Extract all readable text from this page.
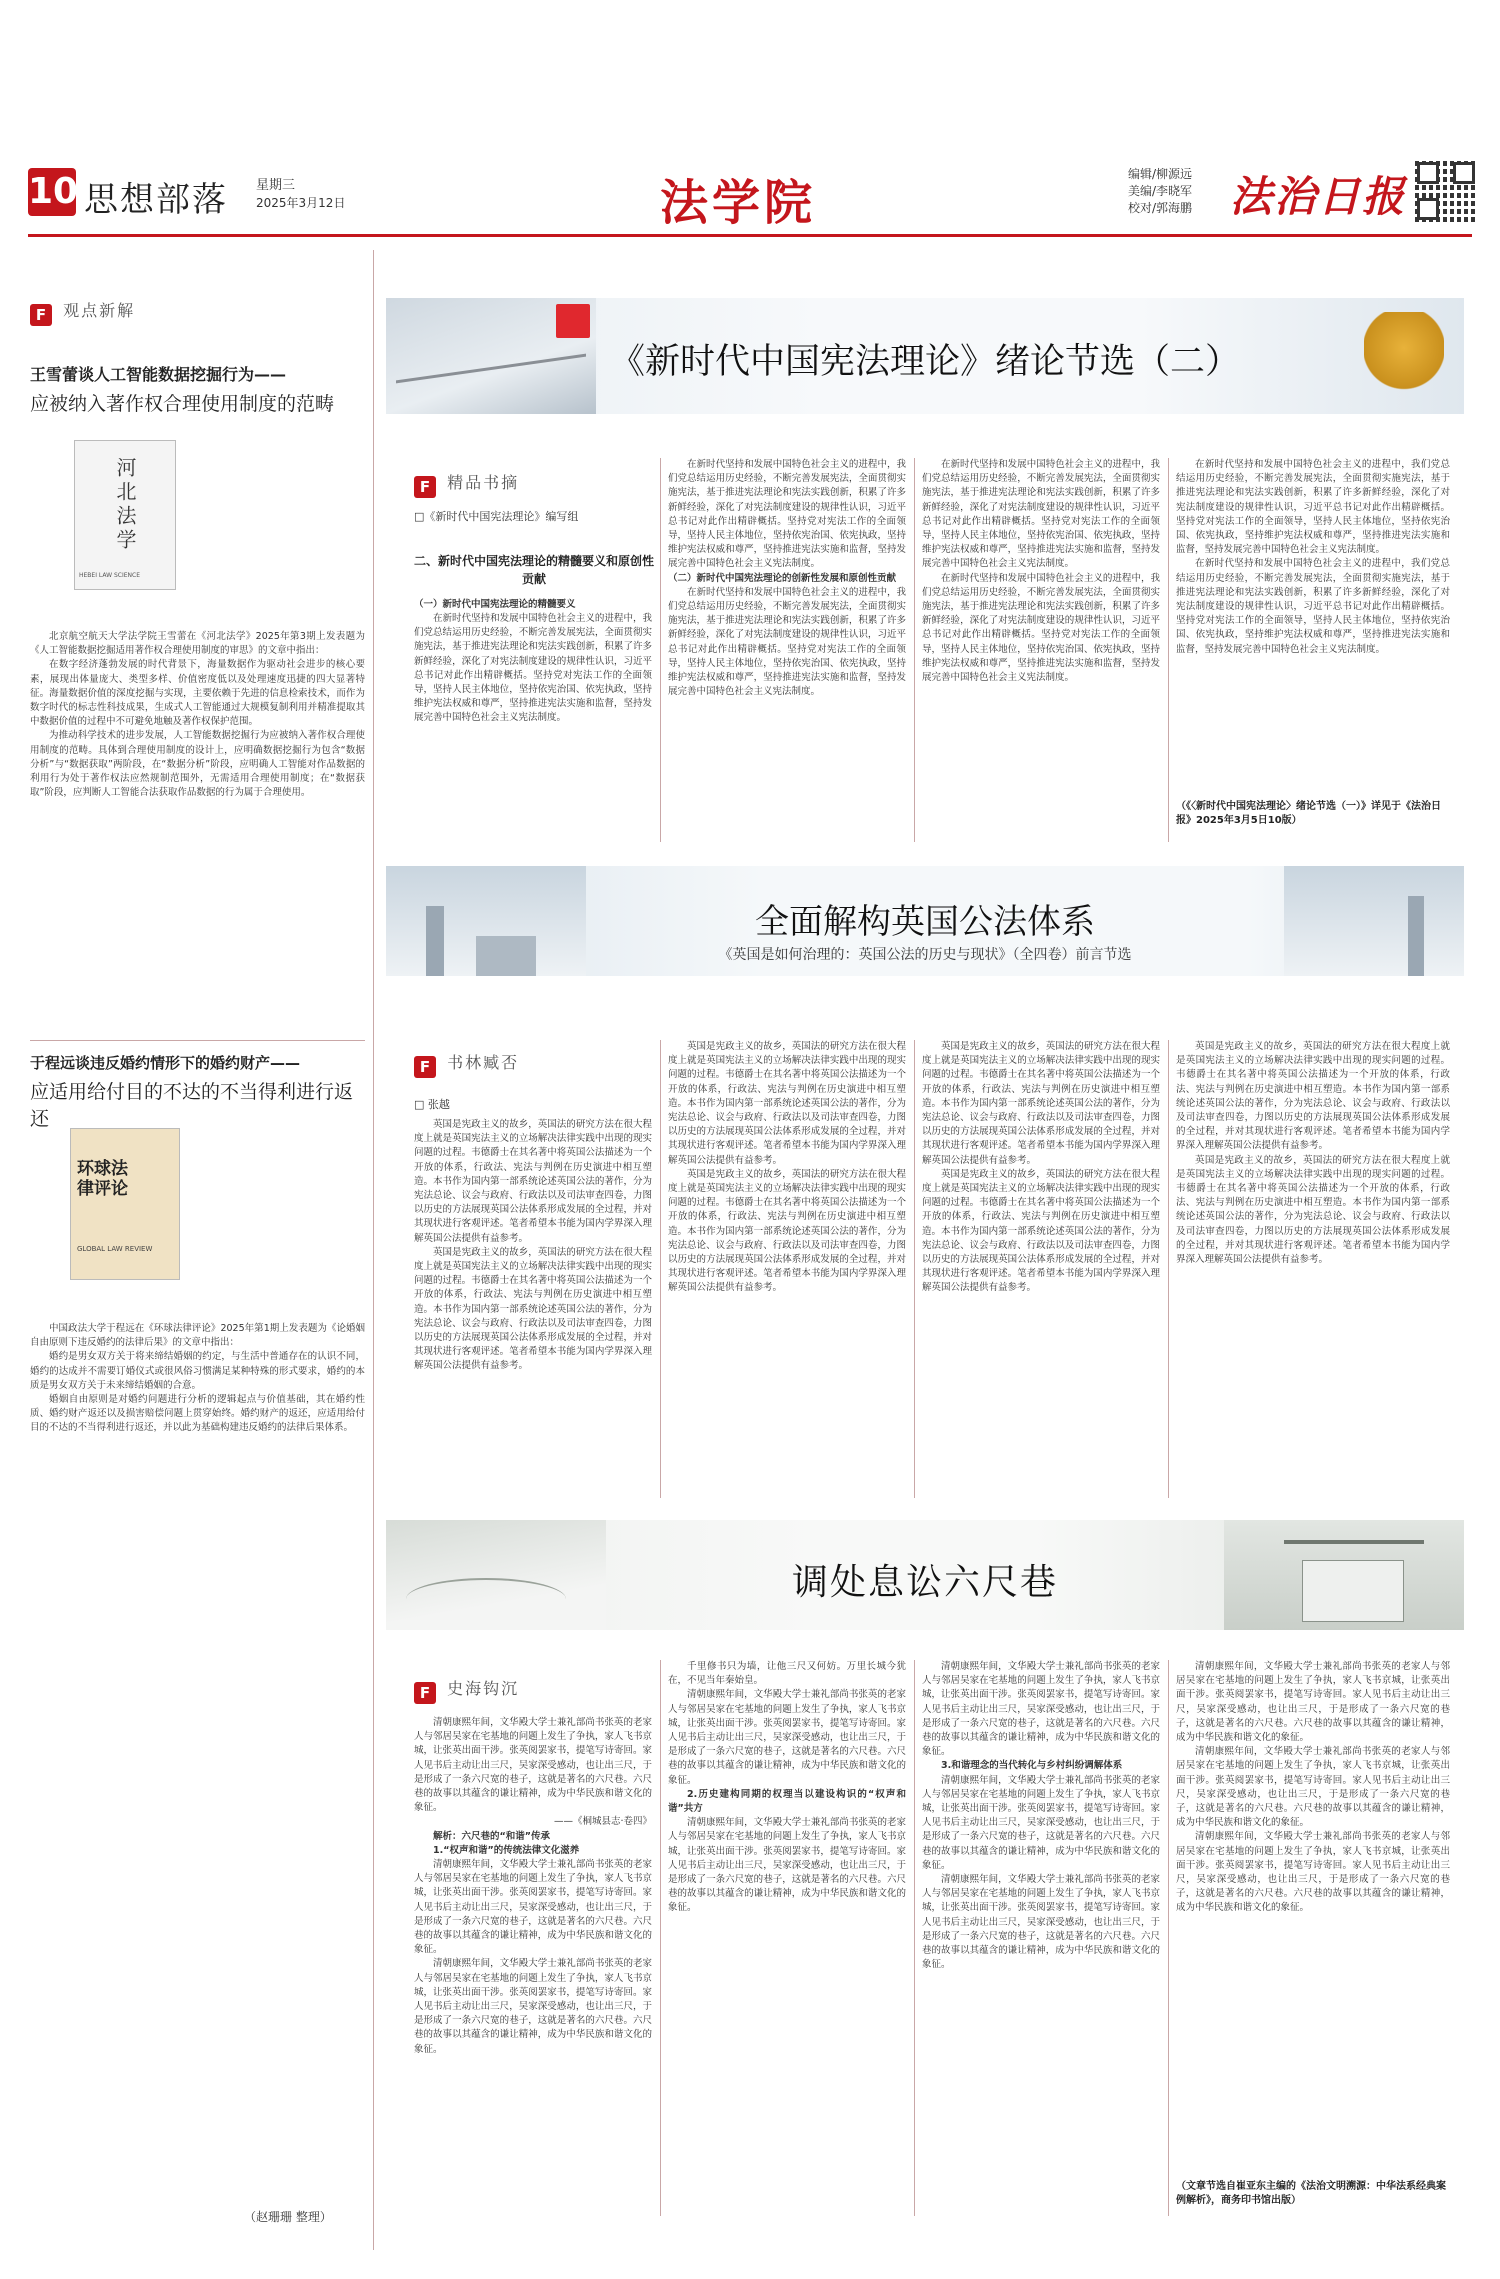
10 思想部落 星期三
2025年3月12日	法学院
编辑/柳源远
美编/李晓军
校对/郭海鹏 法治日报
F 观点新解
王雪蕾谈人工智能数据挖掘行为——
应被纳入著作权合理使用制度的范畴
河北法学
HEBEI LAW SCIENCE

北京航空航天大学法学院王雪蕾在《河北法学》2025年第3期上发表题为《人工智能数据挖掘适用著作权合理使用制度的审思》的文章中指出：

在数字经济蓬勃发展的时代背景下，海量数据作为驱动社会进步的核心要素，展现出体量庞大、类型多样、价值密度低以及处理速度迅捷的四大显著特征。海量数据价值的深度挖掘与实现，主要依赖于先进的信息检索技术，而作为数字时代的标志性科技成果，生成式人工智能通过大规模复制利用并精准提取其中数据价值的过程中不可避免地触及著作权保护范围。

为推动科学技术的进步发展，人工智能数据挖掘行为应被纳入著作权合理使用制度的范畴。具体到合理使用制度的设计上，应明确数据挖掘行为包含“数据分析”与“数据获取”两阶段，在“数据分析”阶段，应明确人工智能对作品数据的利用行为处于著作权法应然规制范围外，无需适用合理使用制度；在“数据获取”阶段，应判断人工智能合法获取作品数据的行为属于合理使用。

于程远谈违反婚约情形下的婚约财产——
应适用给付目的不达的不当得利进行返还
环球法律评论
GLOBAL LAW REVIEW

中国政法大学于程远在《环球法律评论》2025年第1期上发表题为《论婚姻自由原则下违反婚约的法律后果》的文章中指出：

婚约是男女双方关于将来缔结婚姻的约定，与生活中普通存在的认识不同，婚约的达成并不需要订婚仪式或很风俗习惯满足某种特殊的形式要求，婚约的本质是男女双方关于未来缔结婚姻的合意。

婚姻自由原则是对婚约问题进行分析的逻辑起点与价值基础，其在婚约性质、婚约财产返还以及损害赔偿问题上贯穿始终。婚约财产的返还，应适用给付目的不达的不当得利进行返还，并以此为基础构建违反婚约的法律后果体系。

（赵珊珊 整理）
《新时代中国宪法理论》绪论节选（二）
F 精品书摘
□《新时代中国宪法理论》编写组
二、新时代中国宪法理论的精髓要义和原创性贡献
（一）新时代中国宪法理论的精髓要义

在新时代坚持和发展中国特色社会主义的进程中，我们党总结运用历史经验，不断完善发展宪法，全面贯彻实施宪法，基于推进宪法理论和宪法实践创新，积累了许多新鲜经验，深化了对宪法制度建设的规律性认识，习近平总书记对此作出精辟概括。坚持党对宪法工作的全面领导，坚持人民主体地位，坚持依宪治国、依宪执政，坚持维护宪法权威和尊严，坚持推进宪法实施和监督，坚持发展完善中国特色社会主义宪法制度。

在新时代坚持和发展中国特色社会主义的进程中，我们党总结运用历史经验，不断完善发展宪法，全面贯彻实施宪法，基于推进宪法理论和宪法实践创新，积累了许多新鲜经验，深化了对宪法制度建设的规律性认识，习近平总书记对此作出精辟概括。坚持党对宪法工作的全面领导，坚持人民主体地位，坚持依宪治国、依宪执政，坚持维护宪法权威和尊严，坚持推进宪法实施和监督，坚持发展完善中国特色社会主义宪法制度。

（二）新时代中国宪法理论的创新性发展和原创性贡献

在新时代坚持和发展中国特色社会主义的进程中，我们党总结运用历史经验，不断完善发展宪法，全面贯彻实施宪法，基于推进宪法理论和宪法实践创新，积累了许多新鲜经验，深化了对宪法制度建设的规律性认识，习近平总书记对此作出精辟概括。坚持党对宪法工作的全面领导，坚持人民主体地位，坚持依宪治国、依宪执政，坚持维护宪法权威和尊严，坚持推进宪法实施和监督，坚持发展完善中国特色社会主义宪法制度。

在新时代坚持和发展中国特色社会主义的进程中，我们党总结运用历史经验，不断完善发展宪法，全面贯彻实施宪法，基于推进宪法理论和宪法实践创新，积累了许多新鲜经验，深化了对宪法制度建设的规律性认识，习近平总书记对此作出精辟概括。坚持党对宪法工作的全面领导，坚持人民主体地位，坚持依宪治国、依宪执政，坚持维护宪法权威和尊严，坚持推进宪法实施和监督，坚持发展完善中国特色社会主义宪法制度。

在新时代坚持和发展中国特色社会主义的进程中，我们党总结运用历史经验，不断完善发展宪法，全面贯彻实施宪法，基于推进宪法理论和宪法实践创新，积累了许多新鲜经验，深化了对宪法制度建设的规律性认识，习近平总书记对此作出精辟概括。坚持党对宪法工作的全面领导，坚持人民主体地位，坚持依宪治国、依宪执政，坚持维护宪法权威和尊严，坚持推进宪法实施和监督，坚持发展完善中国特色社会主义宪法制度。

在新时代坚持和发展中国特色社会主义的进程中，我们党总结运用历史经验，不断完善发展宪法，全面贯彻实施宪法，基于推进宪法理论和宪法实践创新，积累了许多新鲜经验，深化了对宪法制度建设的规律性认识，习近平总书记对此作出精辟概括。坚持党对宪法工作的全面领导，坚持人民主体地位，坚持依宪治国、依宪执政，坚持维护宪法权威和尊严，坚持推进宪法实施和监督，坚持发展完善中国特色社会主义宪法制度。

在新时代坚持和发展中国特色社会主义的进程中，我们党总结运用历史经验，不断完善发展宪法，全面贯彻实施宪法，基于推进宪法理论和宪法实践创新，积累了许多新鲜经验，深化了对宪法制度建设的规律性认识，习近平总书记对此作出精辟概括。坚持党对宪法工作的全面领导，坚持人民主体地位，坚持依宪治国、依宪执政，坚持维护宪法权威和尊严，坚持推进宪法实施和监督，坚持发展完善中国特色社会主义宪法制度。

（《〈新时代中国宪法理论〉绪论节选（一）》详见于《法治日报》2025年3月5日10版）
全面解构英国公法体系
《英国是如何治理的：英国公法的历史与现状》（全四卷）前言节选
F 书林臧否
□ 张越

英国是宪政主义的故乡，英国法的研究方法在很大程度上就是英国宪法主义的立场解决法律实践中出现的现实问题的过程。韦德爵士在其名著中将英国公法描述为一个开放的体系，行政法、宪法与判例在历史演进中相互塑造。本书作为国内第一部系统论述英国公法的著作，分为宪法总论、议会与政府、行政法以及司法审查四卷，力图以历史的方法展现英国公法体系形成发展的全过程，并对其现状进行客观评述。笔者希望本书能为国内学界深入理解英国公法提供有益参考。

英国是宪政主义的故乡，英国法的研究方法在很大程度上就是英国宪法主义的立场解决法律实践中出现的现实问题的过程。韦德爵士在其名著中将英国公法描述为一个开放的体系，行政法、宪法与判例在历史演进中相互塑造。本书作为国内第一部系统论述英国公法的著作，分为宪法总论、议会与政府、行政法以及司法审查四卷，力图以历史的方法展现英国公法体系形成发展的全过程，并对其现状进行客观评述。笔者希望本书能为国内学界深入理解英国公法提供有益参考。

英国是宪政主义的故乡，英国法的研究方法在很大程度上就是英国宪法主义的立场解决法律实践中出现的现实问题的过程。韦德爵士在其名著中将英国公法描述为一个开放的体系，行政法、宪法与判例在历史演进中相互塑造。本书作为国内第一部系统论述英国公法的著作，分为宪法总论、议会与政府、行政法以及司法审查四卷，力图以历史的方法展现英国公法体系形成发展的全过程，并对其现状进行客观评述。笔者希望本书能为国内学界深入理解英国公法提供有益参考。

英国是宪政主义的故乡，英国法的研究方法在很大程度上就是英国宪法主义的立场解决法律实践中出现的现实问题的过程。韦德爵士在其名著中将英国公法描述为一个开放的体系，行政法、宪法与判例在历史演进中相互塑造。本书作为国内第一部系统论述英国公法的著作，分为宪法总论、议会与政府、行政法以及司法审查四卷，力图以历史的方法展现英国公法体系形成发展的全过程，并对其现状进行客观评述。笔者希望本书能为国内学界深入理解英国公法提供有益参考。

英国是宪政主义的故乡，英国法的研究方法在很大程度上就是英国宪法主义的立场解决法律实践中出现的现实问题的过程。韦德爵士在其名著中将英国公法描述为一个开放的体系，行政法、宪法与判例在历史演进中相互塑造。本书作为国内第一部系统论述英国公法的著作，分为宪法总论、议会与政府、行政法以及司法审查四卷，力图以历史的方法展现英国公法体系形成发展的全过程，并对其现状进行客观评述。笔者希望本书能为国内学界深入理解英国公法提供有益参考。

英国是宪政主义的故乡，英国法的研究方法在很大程度上就是英国宪法主义的立场解决法律实践中出现的现实问题的过程。韦德爵士在其名著中将英国公法描述为一个开放的体系，行政法、宪法与判例在历史演进中相互塑造。本书作为国内第一部系统论述英国公法的著作，分为宪法总论、议会与政府、行政法以及司法审查四卷，力图以历史的方法展现英国公法体系形成发展的全过程，并对其现状进行客观评述。笔者希望本书能为国内学界深入理解英国公法提供有益参考。

英国是宪政主义的故乡，英国法的研究方法在很大程度上就是英国宪法主义的立场解决法律实践中出现的现实问题的过程。韦德爵士在其名著中将英国公法描述为一个开放的体系，行政法、宪法与判例在历史演进中相互塑造。本书作为国内第一部系统论述英国公法的著作，分为宪法总论、议会与政府、行政法以及司法审查四卷，力图以历史的方法展现英国公法体系形成发展的全过程，并对其现状进行客观评述。笔者希望本书能为国内学界深入理解英国公法提供有益参考。

英国是宪政主义的故乡，英国法的研究方法在很大程度上就是英国宪法主义的立场解决法律实践中出现的现实问题的过程。韦德爵士在其名著中将英国公法描述为一个开放的体系，行政法、宪法与判例在历史演进中相互塑造。本书作为国内第一部系统论述英国公法的著作，分为宪法总论、议会与政府、行政法以及司法审查四卷，力图以历史的方法展现英国公法体系形成发展的全过程，并对其现状进行客观评述。笔者希望本书能为国内学界深入理解英国公法提供有益参考。

调处息讼六尺巷
F 史海钩沉

清朝康熙年间，文华殿大学士兼礼部尚书张英的老家人与邻居吴家在宅基地的问题上发生了争执，家人飞书京城，让张英出面干涉。张英阅罢家书，提笔写诗寄回。家人见书后主动让出三尺，吴家深受感动，也让出三尺，于是形成了一条六尺宽的巷子，这就是著名的六尺巷。六尺巷的故事以其蕴含的谦让精神，成为中华民族和谐文化的象征。

——《桐城县志·卷四》

解析：六尺巷的“和谐”传承

1.“权声和谐”的传统法律文化滋养

清朝康熙年间，文华殿大学士兼礼部尚书张英的老家人与邻居吴家在宅基地的问题上发生了争执，家人飞书京城，让张英出面干涉。张英阅罢家书，提笔写诗寄回。家人见书后主动让出三尺，吴家深受感动，也让出三尺，于是形成了一条六尺宽的巷子，这就是著名的六尺巷。六尺巷的故事以其蕴含的谦让精神，成为中华民族和谐文化的象征。

清朝康熙年间，文华殿大学士兼礼部尚书张英的老家人与邻居吴家在宅基地的问题上发生了争执，家人飞书京城，让张英出面干涉。张英阅罢家书，提笔写诗寄回。家人见书后主动让出三尺，吴家深受感动，也让出三尺，于是形成了一条六尺宽的巷子，这就是著名的六尺巷。六尺巷的故事以其蕴含的谦让精神，成为中华民族和谐文化的象征。

千里修书只为墙，让他三尺又何妨。万里长城今犹在，不见当年秦始皇。

清朝康熙年间，文华殿大学士兼礼部尚书张英的老家人与邻居吴家在宅基地的问题上发生了争执，家人飞书京城，让张英出面干涉。张英阅罢家书，提笔写诗寄回。家人见书后主动让出三尺，吴家深受感动，也让出三尺，于是形成了一条六尺宽的巷子，这就是著名的六尺巷。六尺巷的故事以其蕴含的谦让精神，成为中华民族和谐文化的象征。

2.历史建构同期的权理当以建设构识的“权声和谐”共方

清朝康熙年间，文华殿大学士兼礼部尚书张英的老家人与邻居吴家在宅基地的问题上发生了争执，家人飞书京城，让张英出面干涉。张英阅罢家书，提笔写诗寄回。家人见书后主动让出三尺，吴家深受感动，也让出三尺，于是形成了一条六尺宽的巷子，这就是著名的六尺巷。六尺巷的故事以其蕴含的谦让精神，成为中华民族和谐文化的象征。

清朝康熙年间，文华殿大学士兼礼部尚书张英的老家人与邻居吴家在宅基地的问题上发生了争执，家人飞书京城，让张英出面干涉。张英阅罢家书，提笔写诗寄回。家人见书后主动让出三尺，吴家深受感动，也让出三尺，于是形成了一条六尺宽的巷子，这就是著名的六尺巷。六尺巷的故事以其蕴含的谦让精神，成为中华民族和谐文化的象征。

3.和谐理念的当代转化与乡村纠纷调解体系

清朝康熙年间，文华殿大学士兼礼部尚书张英的老家人与邻居吴家在宅基地的问题上发生了争执，家人飞书京城，让张英出面干涉。张英阅罢家书，提笔写诗寄回。家人见书后主动让出三尺，吴家深受感动，也让出三尺，于是形成了一条六尺宽的巷子，这就是著名的六尺巷。六尺巷的故事以其蕴含的谦让精神，成为中华民族和谐文化的象征。

清朝康熙年间，文华殿大学士兼礼部尚书张英的老家人与邻居吴家在宅基地的问题上发生了争执，家人飞书京城，让张英出面干涉。张英阅罢家书，提笔写诗寄回。家人见书后主动让出三尺，吴家深受感动，也让出三尺，于是形成了一条六尺宽的巷子，这就是著名的六尺巷。六尺巷的故事以其蕴含的谦让精神，成为中华民族和谐文化的象征。

清朝康熙年间，文华殿大学士兼礼部尚书张英的老家人与邻居吴家在宅基地的问题上发生了争执，家人飞书京城，让张英出面干涉。张英阅罢家书，提笔写诗寄回。家人见书后主动让出三尺，吴家深受感动，也让出三尺，于是形成了一条六尺宽的巷子，这就是著名的六尺巷。六尺巷的故事以其蕴含的谦让精神，成为中华民族和谐文化的象征。

清朝康熙年间，文华殿大学士兼礼部尚书张英的老家人与邻居吴家在宅基地的问题上发生了争执，家人飞书京城，让张英出面干涉。张英阅罢家书，提笔写诗寄回。家人见书后主动让出三尺，吴家深受感动，也让出三尺，于是形成了一条六尺宽的巷子，这就是著名的六尺巷。六尺巷的故事以其蕴含的谦让精神，成为中华民族和谐文化的象征。

清朝康熙年间，文华殿大学士兼礼部尚书张英的老家人与邻居吴家在宅基地的问题上发生了争执，家人飞书京城，让张英出面干涉。张英阅罢家书，提笔写诗寄回。家人见书后主动让出三尺，吴家深受感动，也让出三尺，于是形成了一条六尺宽的巷子，这就是著名的六尺巷。六尺巷的故事以其蕴含的谦让精神，成为中华民族和谐文化的象征。

（文章节选自崔亚东主编的《法治文明溯源：中华法系经典案例解析》，商务印书馆出版）
